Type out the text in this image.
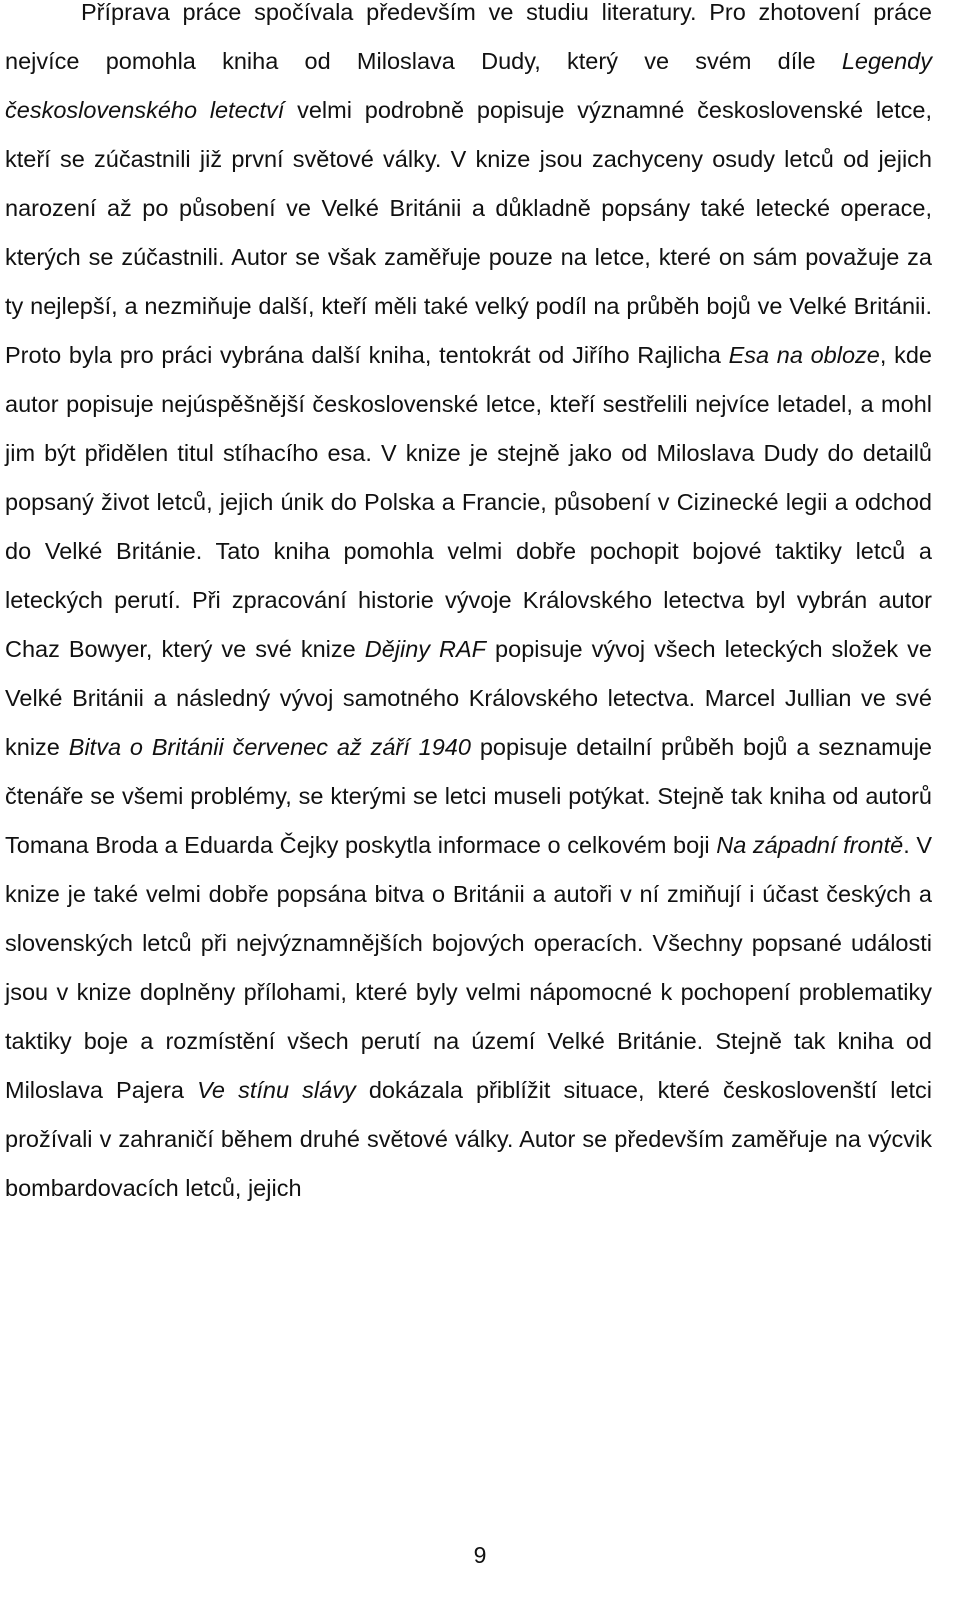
Příprava práce spočívala především ve studiu literatury. Pro zhotovení práce nejvíce pomohla kniha od Miloslava Dudy, který ve svém díle Legendy československého letectví velmi podrobně popisuje významné československé letce, kteří se zúčastnili již první světové války. V knize jsou zachyceny osudy letců od jejich narození až po působení ve Velké Británii a důkladně popsány také letecké operace, kterých se zúčastnili. Autor se však zaměřuje pouze na letce, které on sám považuje za ty nejlepší, a nezmiňuje další, kteří měli také velký podíl na průběh bojů ve Velké Británii. Proto byla pro práci vybrána další kniha, tentokrát od Jiřího Rajlicha Esa na obloze, kde autor popisuje nejúspěšnější československé letce, kteří sestřelili nejvíce letadel, a mohl jim být přidělen titul stíhacího esa. V knize je stejně jako od Miloslava Dudy do detailů popsaný život letců, jejich únik do Polska a Francie, působení v Cizinecké legii a odchod do Velké Británie. Tato kniha pomohla velmi dobře pochopit bojové taktiky letců a leteckých perutí. Při zpracování historie vývoje Královského letectva byl vybrán autor Chaz Bowyer, který ve své knize Dějiny RAF popisuje vývoj všech leteckých složek ve Velké Británii a následný vývoj samotného Královského letectva. Marcel Jullian ve své knize Bitva o Británii červenec až září 1940 popisuje detailní průběh bojů a seznamuje čtenáře se všemi problémy, se kterými se letci museli potýkat. Stejně tak kniha od autorů Tomana Broda a Eduarda Čejky poskytla informace o celkovém boji Na západní frontě. V knize je také velmi dobře popsána bitva o Británii a autoři v ní zmiňují i účast českých a slovenských letců při nejvýznamnějších bojových operacích. Všechny popsané události jsou v knize doplněny přílohami, které byly velmi nápomocné k pochopení problematiky taktiky boje a rozmístění všech perutí na území Velké Británie. Stejně tak kniha od Miloslava Pajera Ve stínu slávy dokázala přiblížit situace, které českoslovenští letci prožívali v zahraničí během druhé světové války. Autor se především zaměřuje na výcvik bombardovacích letců, jejich

9
